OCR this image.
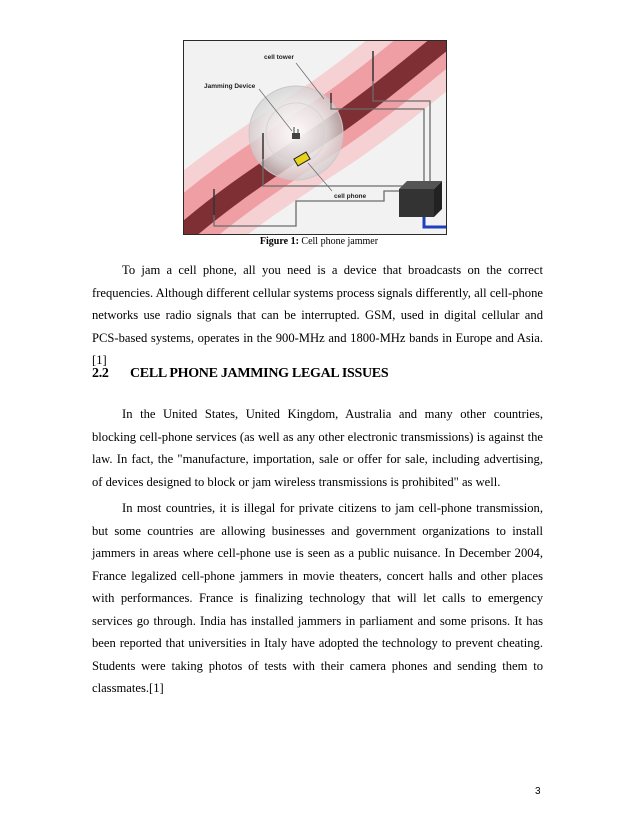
cell tower
Jamming Device
cell phone
Figure 1: Cell phone jammer

To jam a cell phone, all you need is a device that broadcasts on the correct frequencies. Although different cellular systems process signals differently, all cell-phone networks use radio signals that can be interrupted. GSM, used in digital cellular and PCS-based systems, operates in the 900-MHz and 1800-MHz bands in Europe and Asia. [1]

2.2 CELL PHONE JAMMING LEGAL ISSUES

In the United States, United Kingdom, Australia and many other countries, blocking cell-phone services (as well as any other electronic transmissions) is against the law. In fact, the "manufacture, importation, sale or offer for sale, including advertising, of devices designed to block or jam wireless transmissions is prohibited" as well.

In most countries, it is illegal for private citizens to jam cell-phone transmission, but some countries are allowing businesses and government organizations to install jammers in areas where cell-phone use is seen as a public nuisance. In December 2004, France legalized cell-phone jammers in movie theaters, concert halls and other places with performances. France is finalizing technology that will let calls to emergency services go through. India has installed jammers in parliament and some prisons. It has been reported that universities in Italy have adopted the technology to prevent cheating. Students were taking photos of tests with their camera phones and sending them to classmates.[1]

3
